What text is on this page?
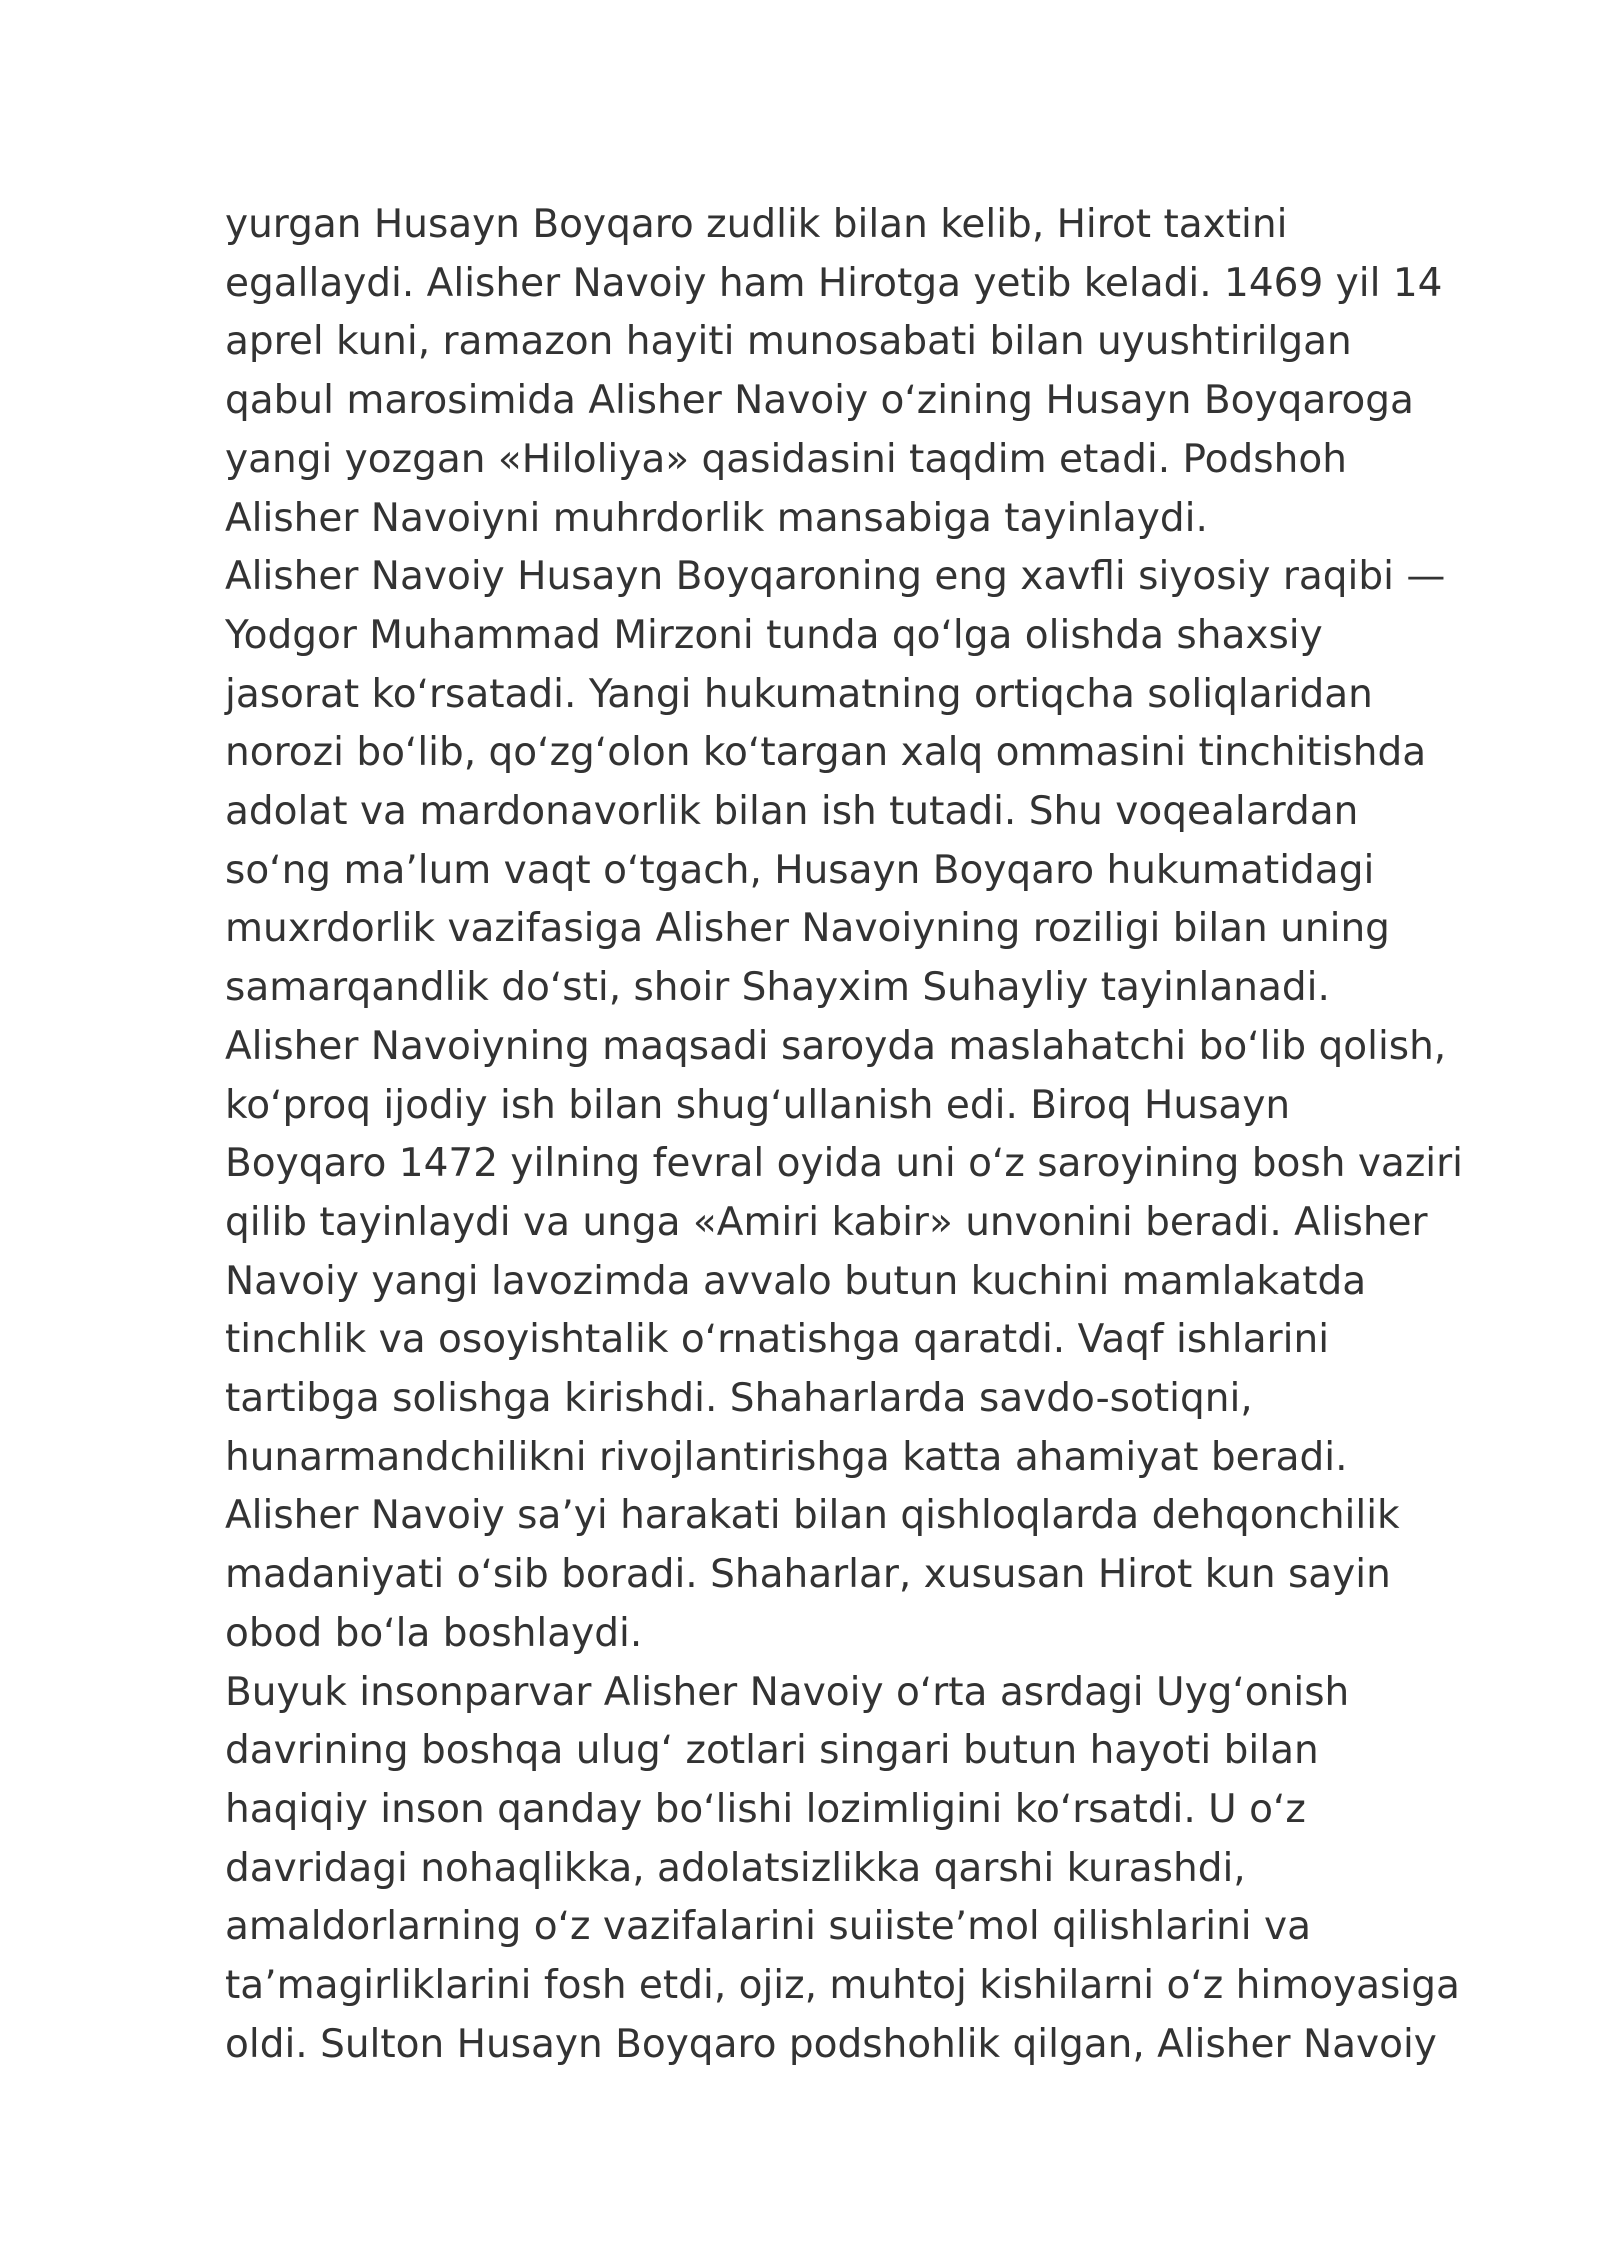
yurgan Husayn Boyqaro zudlik bilan kelib, Hirot taxtini
egallaydi. Alisher Navoiy ham Hirotga yetib keladi. 1469 yil 14
aprel kuni, ramazon hayiti munosabati bilan uyushtirilgan
qabul marosimida Alisher Navoiy oʻzining Husayn Boyqaroga
yangi yozgan «Hiloliya» qasidasini taqdim etadi. Podshoh
Alisher Navoiyni muhrdorlik mansabiga tayinlaydi.
Alisher Navoiy Husayn Boyqaroning eng xavfli siyosiy raqibi —
Yodgor Muhammad Mirzoni tunda qoʻlga olishda shaxsiy
jasorat koʻrsatadi. Yangi hukumatning ortiqcha soliqlaridan
norozi boʻlib, qoʻzgʻolon koʻtargan xalq ommasini tinchitishda
adolat va mardonavorlik bilan ish tutadi. Shu voqealardan
soʻng maʼlum vaqt oʻtgach, Husayn Boyqaro hukumatidagi
muxrdorlik vazifasiga Alisher Navoiyning roziligi bilan uning
samarqandlik doʻsti, shoir Shayxim Suhayliy tayinlanadi.
Alisher Navoiyning maqsadi saroyda maslahatchi boʻlib qolish,
koʻproq ijodiy ish bilan shugʻullanish edi. Biroq Husayn
Boyqaro 1472 yilning fevral oyida uni oʻz saroyining bosh vaziri
qilib tayinlaydi va unga «Amiri kabir» unvonini beradi. Alisher
Navoiy yangi lavozimda avvalo butun kuchini mamlakatda
tinchlik va osoyishtalik oʻrnatishga qaratdi. Vaqf ishlarini
tartibga solishga kirishdi. Shaharlarda savdo-sotiqni,
hunarmandchilikni rivojlantirishga katta ahamiyat beradi.
Alisher Navoiy saʼyi harakati bilan qishloqlarda dehqonchilik
madaniyati oʻsib boradi. Shaharlar, xususan Hirot kun sayin
obod boʻla boshlaydi.
Buyuk insonparvar Alisher Navoiy oʻrta asrdagi Uygʻonish
davrining boshqa ulugʻ zotlari singari butun hayoti bilan
haqiqiy inson qanday boʻlishi lozimligini koʻrsatdi. U oʻz
davridagi nohaqlikka, adolatsizlikka qarshi kurashdi,
amaldorlarning oʻz vazifalarini suiisteʼmol qilishlarini va
taʼmagirliklarini fosh etdi, ojiz, muhtoj kishilarni oʻz himoyasiga
oldi. Sulton Husayn Boyqaro podshohlik qilgan, Alisher Navoiy
